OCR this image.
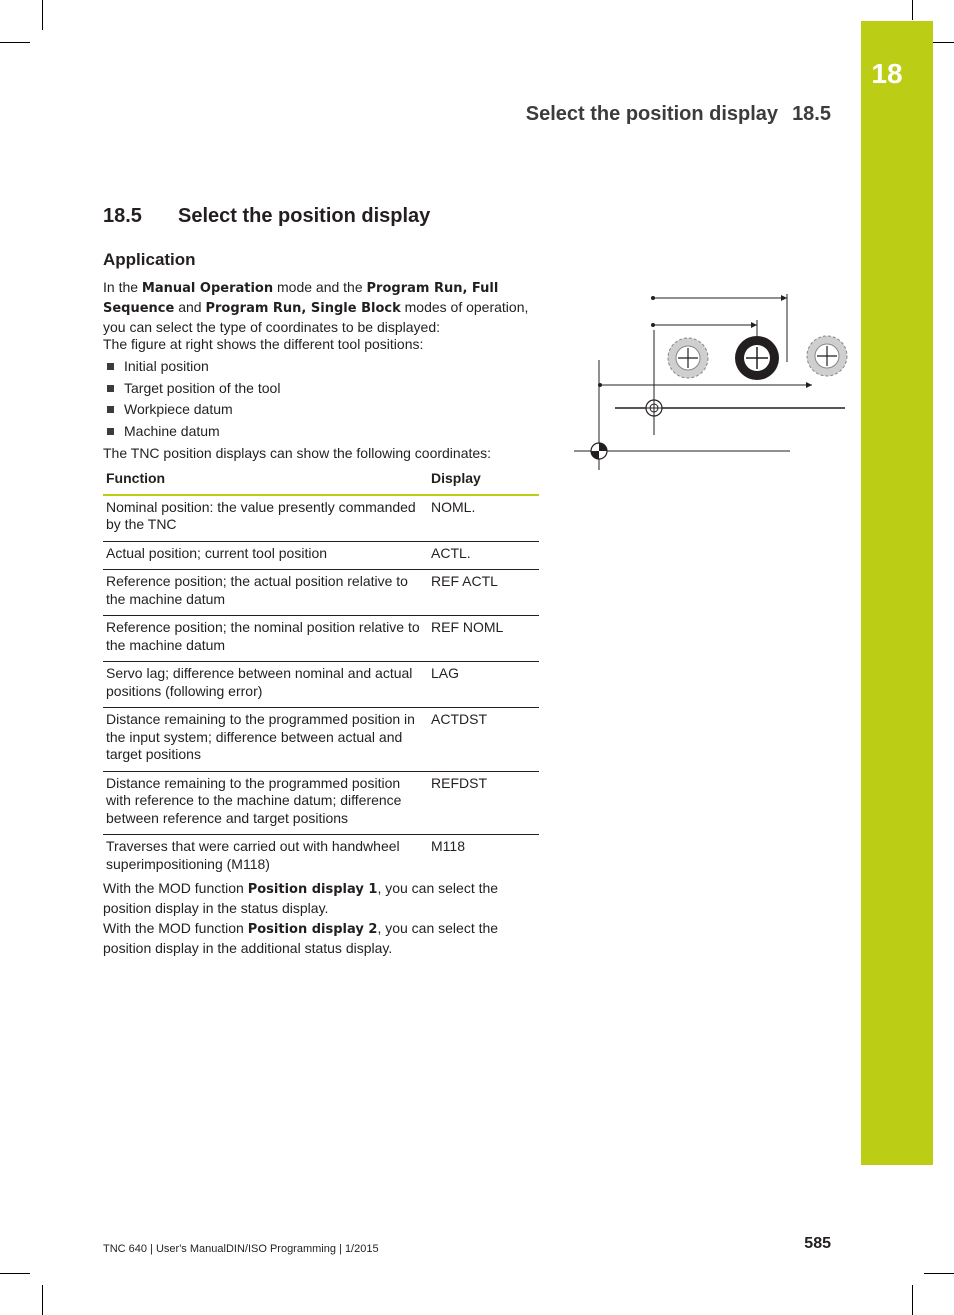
18
Select the position display 18.5
18.5 Select the position display
Application
In the Manual Operation mode and the Program Run, Full Sequence and Program Run, Single Block modes of operation, you can select the type of coordinates to be displayed:
The figure at right shows the different tool positions:
Initial position
Target position of the tool
Workpiece datum
Machine datum
The TNC position displays can show the following coordinates:
Function	Display
Nominal position: the value presently commanded by the TNC	NOML.
Actual position; current tool position	ACTL.
Reference position; the actual position relative to the machine datum	REF ACTL
Reference position; the nominal position relative to the machine datum	REF NOML
Servo lag; difference between nominal and actual positions (following error)	LAG
Distance remaining to the programmed position in the input system; difference between actual and target positions	ACTDST
Distance remaining to the programmed position with reference to the machine datum; difference between reference and target positions	REFDST
Traverses that were carried out with handwheel superimpositioning (M118)	M118
With the MOD function Position display 1, you can select the position display in the status display.
With the MOD function Position display 2, you can select the position display in the additional status display.
TNC 640 | User's ManualDIN/ISO Programming | 1/2015	585
